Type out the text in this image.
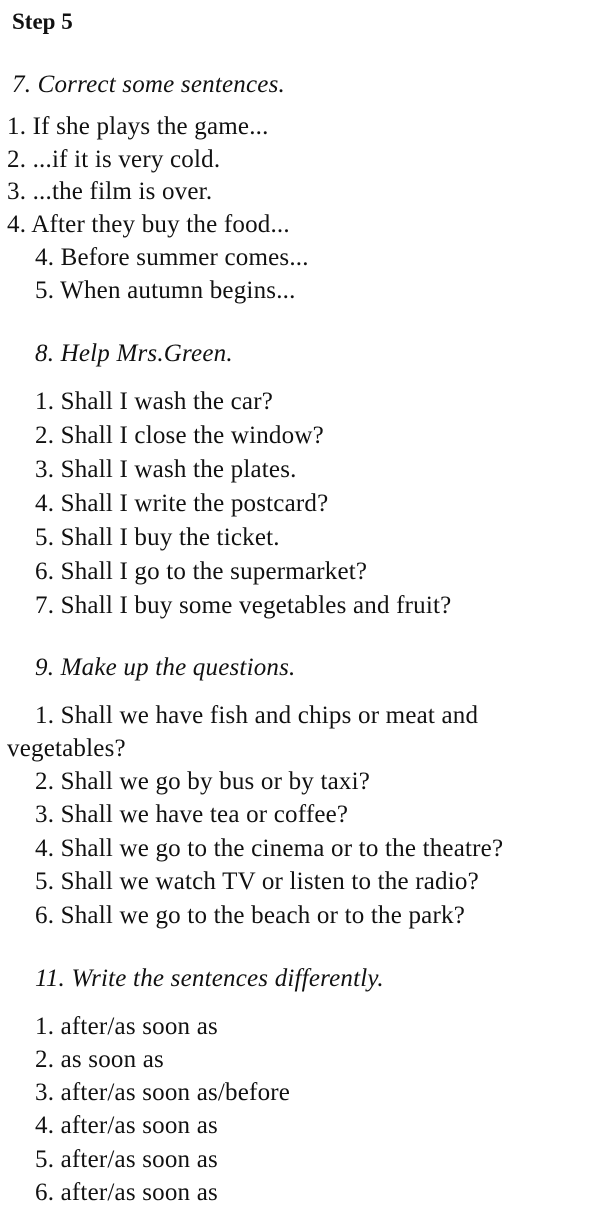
Step 5
7. Correct some sentences.
1. If she plays the game...
2. ...if it is very cold.
3. ...the film is over.
4. After they buy the food...
4. Before summer comes...
5. When autumn begins...
8. Help Mrs.Green.
1. Shall I wash the car?
2. Shall I close the window?
3. Shall I wash the plates.
4. Shall I write the postcard?
5. Shall I buy the ticket.
6. Shall I go to the supermarket?
7. Shall I buy some vegetables and fruit?
9. Make up the questions.
1. Shall we have fish and chips or meat and
vegetables?
2. Shall we go by bus or by taxi?
3. Shall we have tea or coffee?
4. Shall we go to the cinema or to the theatre?
5. Shall we watch TV or listen to the radio?
6. Shall we go to the beach or to the park?
11. Write the sentences differently.
1. after/as soon as
2. as soon as
3. after/as soon as/before
4. after/as soon as
5. after/as soon as
6. after/as soon as
